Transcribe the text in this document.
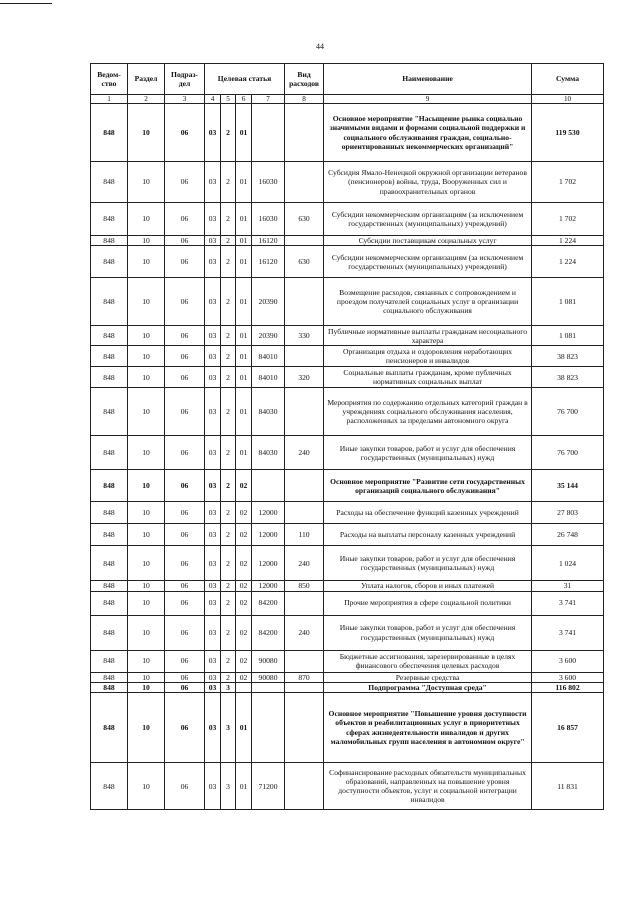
44
Ведом-ство	Раздел	Подраз-дел	Целевая статья				Вид расходов	Наименование	Сумма
1	2	3	4	5	6	7	8	9	10
848	10	06	03	2	01			Основное мероприятие "Насыщение рынка социально значимыми видами и формами социальной поддержки и социального обслуживания граждан, социально-ориентированных некоммерческих организаций"	119 530
848	10	06	03	2	01	16030		Субсидия Ямало-Ненецкой окружной организации ветеранов (пенсионеров) войны, труда, Вооруженных сил и правоохранительных органов	1 702
848	10	06	03	2	01	16030	630	Субсидии некоммерческим организациям (за исключением государственных (муниципальных) учреждений)	1 702
848	10	06	03	2	01	16120		Субсидии поставщикам социальных услуг	1 224
848	10	06	03	2	01	16120	630	Субсидии некоммерческим организациям (за исключением государственных (муниципальных) учреждений)	1 224
848	10	06	03	2	01	20390		Возмещение расходов, связанных с сопровождением и проездом получателей социальных услуг в организации социального обслуживания	1 081
848	10	06	03	2	01	20390	330	Публичные нормативные выплаты гражданам несоциального характера	1 081
848	10	06	03	2	01	84010		Организация отдыха и оздоровления неработающих пенсионеров и инвалидов	38 823
848	10	06	03	2	01	84010	320	Социальные выплаты гражданам, кроме публичных нормативных социальных выплат	38 823
848	10	06	03	2	01	84030		Мероприятия по содержанию отдельных категорий граждан в учреждениях социального обслуживания населения, расположенных за пределами автономного округа	76 700
848	10	06	03	2	01	84030	240	Иные закупки товаров, работ и услуг для обеспечения государственных (муниципальных) нужд	76 700
848	10	06	03	2	02			Основное мероприятие "Развитие сети государственных организаций социального обслуживания"	35 144
848	10	06	03	2	02	12000		Расходы на обеспечение функций казенных учреждений	27 803
848	10	06	03	2	02	12000	110	Расходы на выплаты персоналу казенных учреждений	26 748
848	10	06	03	2	02	12000	240	Иные закупки товаров, работ и услуг для обеспечения государственных (муниципальных) нужд	1 024
848	10	06	03	2	02	12000	850	Уплата налогов, сборов и иных платежей	31
848	10	06	03	2	02	84200		Прочие мероприятия в сфере социальной политики	3 741
848	10	06	03	2	02	84200	240	Иные закупки товаров, работ и услуг для обеспечения государственных (муниципальных) нужд	3 741
848	10	06	03	2	02	90080		Бюджетные ассигнования, зарезервированные в целях финансового обеспечения целевых расходов	3 600
848	10	06	03	2	02	90080	870	Резервные средства	3 600
848	10	06	03	3				Подпрограмма "Доступная среда"	116 802
848	10	06	03	3	01			Основное мероприятие "Повышение уровня доступности объектов и реабилитационных услуг в приоритетных сферах жизнедеятельности инвалидов и других маломобильных групп населения в автономном округе"	16 857
848	10	06	03	3	01	71200		Софинансирование расходных обязательств муниципальных образований, направленных на повышение уровня доступности объектов, услуг и социальной интеграции инвалидов	11 831
